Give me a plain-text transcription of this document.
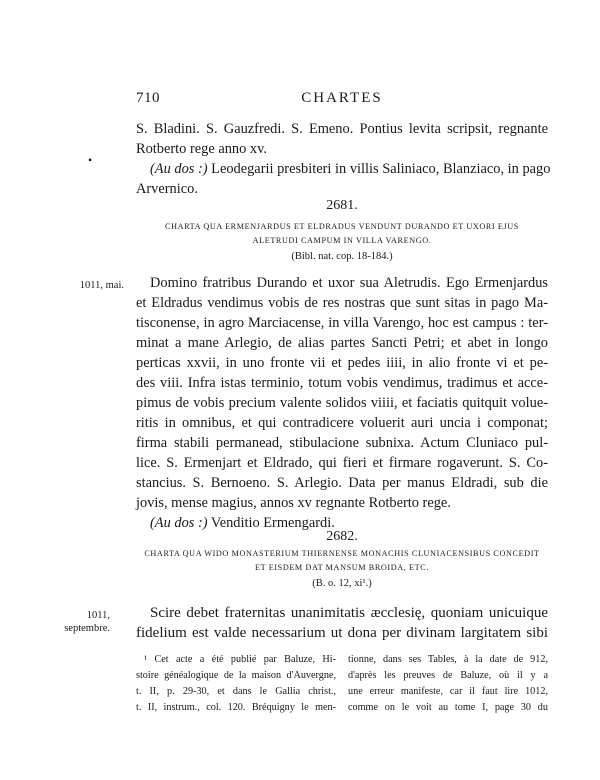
710	CHARTES
•
S. Bladini. S. Gauzfredi. S. Emeno. Pontius levita scripsit, regnante
Rotberto rege anno xv.
(Au dos :) Leodegarii presbiteri in villis Saliniaco, Blanziaco, in pago
Arvernico.
2681.
CHARTA QUA ERMENJARDUS ET ELDRADUS VENDUNT DURANDO ET UXORI EJUS
ALETRUDI CAMPUM IN VILLA VARENGO.
(Bibl. nat. cop. 18-184.)
1011, mai.	Domino fratribus Durando et uxor sua Aletrudis. Ego Ermenjardus
et Eldradus vendimus vobis de res nostras que sunt sitas in pago Ma-
tisconense, in agro Marciacense, in villa Varengo, hoc est campus : ter-
minat a mane Arlegio, de alias partes Sancti Petri; et abet in longo
perticas xxvii, in uno fronte vii et pedes iiii, in alio fronte vi et pe-
des viii. Infra istas terminio, totum vobis vendimus, tradimus et acce-
pimus de vobis precium valente solidos viiii, et faciatis quitquit volue-
ritis in omnibus, et qui contradicere voluerit auri uncia i componat;
firma stabili permanead, stibulacione subnixa. Actum Cluniaco pul-
lice. S. Ermenjart et Eldrado, qui fieri et firmare rogaverunt. S. Co-
stancius. S. Bernoeno. S. Arlegio. Data per manus Eldradi, sub die
jovis, mense magius, annos xv regnante Rotberto rege.
(Au dos :) Venditio Ermengardi.
2682.
CHARTA QUA WIDO MONASTERIUM THIERNENSE MONACHIS CLUNIACENSIBUS CONCEDIT
ET EISDEM DAT MANSUM BROIDA, ETC.
(B. o. 12, xi¹.)
1011,
septembre.
Scire debet fraternitas unanimitatis æcclesię, quoniam unicuique
fidelium est valde necessarium ut dona per divinam largitatem sibi
¹ Cet acte a été publié par Baluze, Hi-
stoire généalogique de la maison d'Auvergne,
t. II, p. 29-30, et dans le Gallia christ.,
t. II, instrum., col. 120. Bréquigny le men-
tionne, dans ses Tables, à la date de 912,
d'après les preuves de Baluze, où il y a
une erreur manifeste, car il faut lire 1012,
comme on le voit au tome I, page 30 du
